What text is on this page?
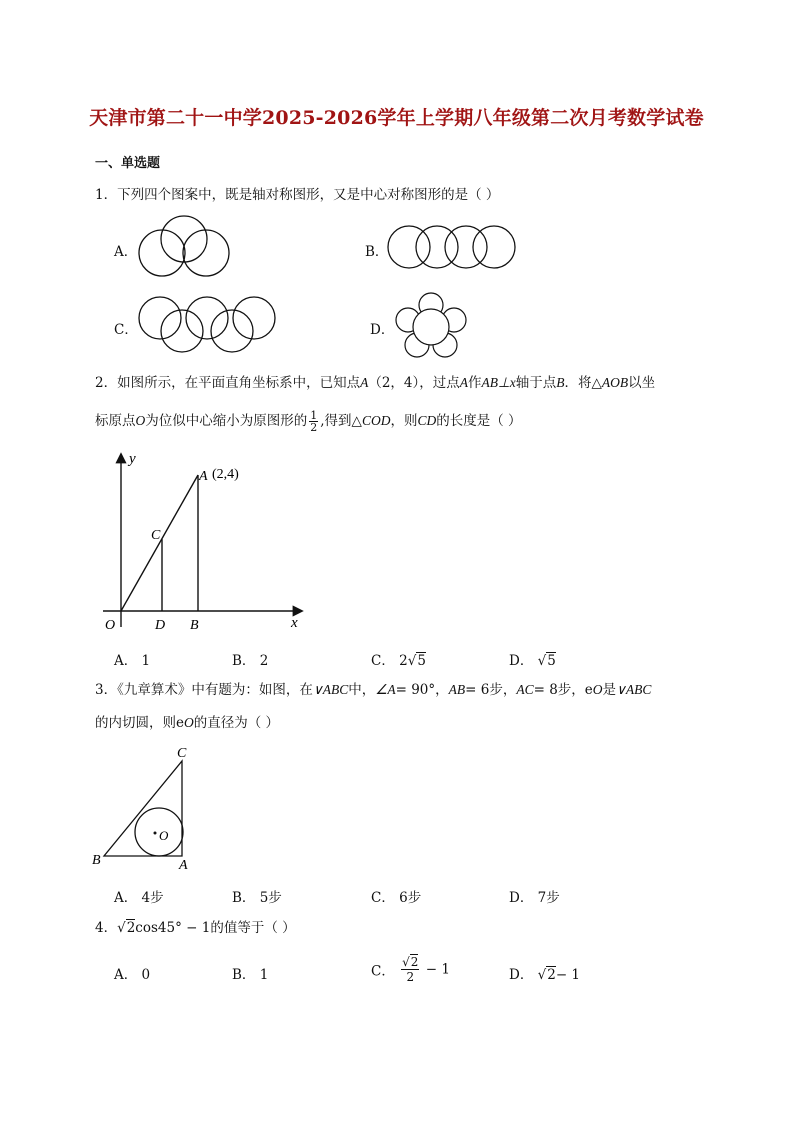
天津市第二十一中学2025-2026学年上学期八年级第二次月考数学试卷
一、单选题
1．下列四个图案中，既是轴对称图形，又是中心对称图形的是（ ）
A．	B．
C．	D．
2．如图所示，在平面直角坐标系中，已知点A（2，4），过点A作AB⊥x轴于点B．将△AOB以坐
标原点O为位似中心缩小为原图形的 $\frac{1}{2}$ ,得到△COD，则CD的长度是（ ）
y
x
O
A (2,4)
C
D B
A． 1	B． 2	C． 2√5	D． √5
3．《九章算术》中有题为：如图，在∨ABC中，∠A= 90°，AB= 6步，AC= 8步，eO是∨ABC
的内切圆，则eO的直径为（ ）
B	A
C
O
A． 4步	B． 5步	C． 6步	D． 7步
4．√2cos45° − 1的值等于（ ）
A． 0	B． 1	C． $\frac{√2}{2} - 1$	D． √2− 1
